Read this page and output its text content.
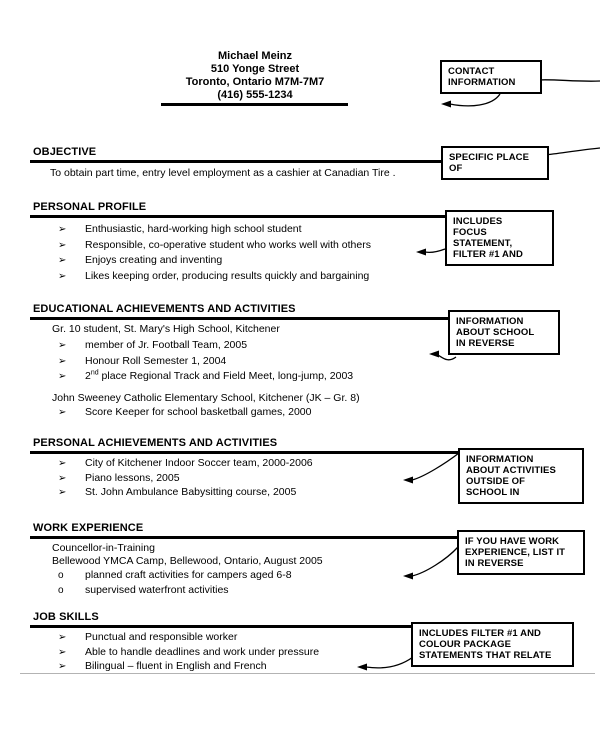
Michael Meinz
510 Yonge Street
Toronto, Ontario M7M-7M7
(416) 555-1234
OBJECTIVE
To obtain part time, entry level employment as a cashier at Canadian Tire .
PERSONAL PROFILE
➢	Enthusiastic, hard-working high school student
➢	Responsible, co-operative student who works well with others
➢	Enjoys creating and inventing
➢	Likes keeping order, producing results quickly and bargaining
EDUCATIONAL ACHIEVEMENTS AND ACTIVITIES
Gr. 10 student, St. Mary's High School, Kitchener
➢	member of Jr. Football Team, 2005
➢	Honour Roll Semester 1, 2004
➢	2nd place Regional Track and Field Meet, long-jump, 2003
John Sweeney Catholic Elementary School, Kitchener (JK – Gr. 8)
➢	Score Keeper for school basketball games, 2000
PERSONAL ACHIEVEMENTS AND ACTIVITIES
➢	City of Kitchener Indoor Soccer team, 2000-2006
➢	Piano lessons, 2005
➢	St. John Ambulance Babysitting course, 2005
WORK EXPERIENCE
Councellor-in-Training
Bellewood YMCA Camp, Bellewood, Ontario, August 2005
o	planned craft activities for campers aged 6-8
o	supervised waterfront activities
JOB SKILLS
➢	Punctual and responsible worker
➢	Able to handle deadlines and work under pressure
➢	Bilingual – fluent in English and French
CONTACT
INFORMATION
SPECIFIC PLACE
OF
INCLUDES
FOCUS
STATEMENT,
FILTER #1 AND
INFORMATION
ABOUT SCHOOL
IN REVERSE
INFORMATION
ABOUT ACTIVITIES
OUTSIDE OF
SCHOOL IN
IF YOU HAVE WORK
EXPERIENCE, LIST IT
IN REVERSE
INCLUDES FILTER #1 AND
COLOUR PACKAGE
STATEMENTS THAT RELATE
